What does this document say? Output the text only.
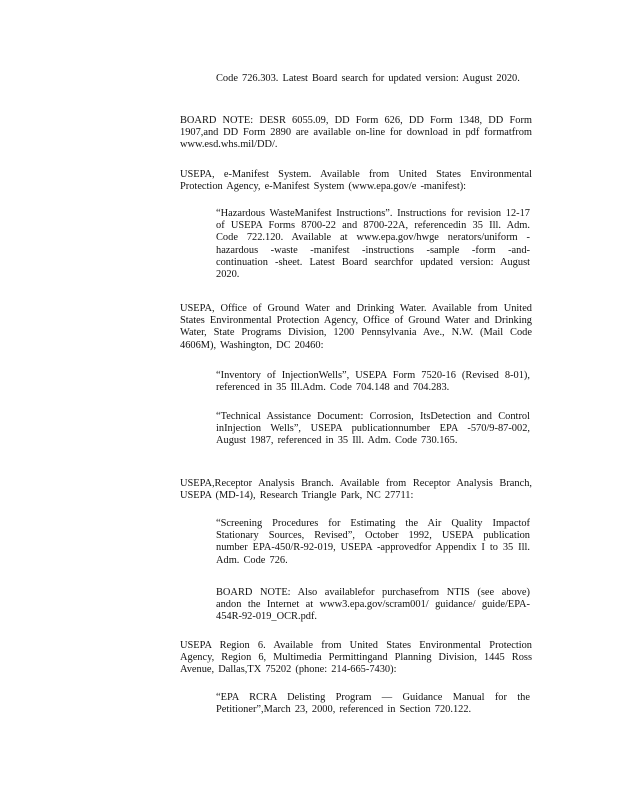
Code 726.303. Latest Board search for updated version: August 2020.

BOARD NOTE: DESR 6055.09, DD Form 626, DD Form 1348, DD Form 1907,and DD Form 2890 are available on-line for download in pdf formatfrom www.esd.whs.mil/DD/.

USEPA, e-Manifest System. Available from United States Environmental Protection Agency, e-Manifest System (www.epa.gov/e -manifest):

“Hazardous WasteManifest Instructions”. Instructions for revision 12-17 of USEPA Forms 8700-22 and 8700-22A, referencedin 35 Ill. Adm. Code 722.120. Available at www.epa.gov/hwge nerators/uniform -hazardous -waste -manifest -instructions -sample -form -and-continuation -sheet. Latest Board searchfor updated version: August 2020.

USEPA, Office of Ground Water and Drinking Water. Available from United States Environmental Protection Agency, Office of Ground Water and Drinking Water, State Programs Division, 1200 Pennsylvania Ave., N.W. (Mail Code 4606M), Washington, DC 20460:

“Inventory of InjectionWells”, USEPA Form 7520-16 (Revised 8-01), referenced in 35 Ill.Adm. Code 704.148 and 704.283.

“Technical Assistance Document: Corrosion, ItsDetection and Control inInjection Wells”, USEPA publicationnumber EPA -570/9-87-002, August 1987, referenced in 35 Ill. Adm. Code 730.165.

USEPA,Receptor Analysis Branch. Available from Receptor Analysis Branch, USEPA (MD-14), Research Triangle Park, NC 27711:

“Screening Procedures for Estimating the Air Quality Impactof Stationary Sources, Revised”, October 1992, USEPA publication number EPA-450/R-92-019, USEPA -approvedfor Appendix I to 35 Ill. Adm. Code 726.

BOARD NOTE: Also availablefor purchasefrom NTIS (see above) andon the Internet at www3.epa.gov/scram001/ guidance/ guide/EPA-454R-92-019_OCR.pdf.

USEPA Region 6. Available from United States Environmental Protection Agency, Region 6, Multimedia Permittingand Planning Division, 1445 Ross Avenue, Dallas,TX 75202 (phone: 214-665-7430):

“EPA RCRA Delisting Program — Guidance Manual for the Petitioner”,March 23, 2000, referenced in Section 720.122.
